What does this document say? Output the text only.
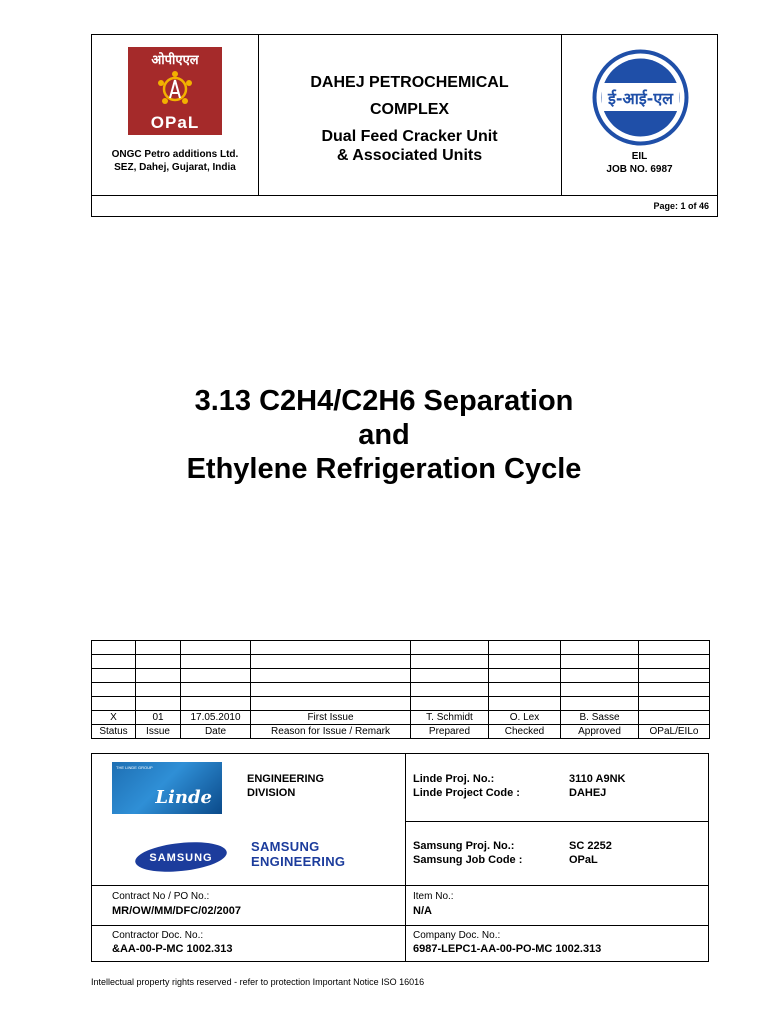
ओपीएएल
OPaL
ONGC Petro additions Ltd.
SEZ, Dahej, Gujarat, India
DAHEJ PETROCHEMICAL
COMPLEX
Dual Feed Cracker Unit
& Associated Units
ई-आई-एल
EIL
JOB NO. 6987
Page: 1 of 46
3.13 C2H4/C2H6 Separation
and
Ethylene Refrigeration Cycle

X	01	17.05.2010	First Issue	T. Schmidt	O. Lex	B. Sasse	
Status	Issue	Date	Reason for Issue / Remark	Prepared	Checked	Approved	OPaL/EILo
THE LINDE GROUP
Linde
ENGINEERING
DIVISION
Linde Proj. No.:
Linde Project Code :
3110 A9NK
DAHEJ
SAMSUNG
SAMSUNG
ENGINEERING
Samsung Proj. No.:
Samsung Job Code :
SC 2252
OPaL
Contract No / PO No.:
MR/OW/MM/DFC/02/2007
Item No.:
N/A
Contractor Doc. No.:
&AA-00-P-MC 1002.313
Company Doc. No.:
6987-LEPC1-AA-00-PO-MC 1002.313
Intellectual property rights reserved - refer to protection Important Notice ISO 16016
